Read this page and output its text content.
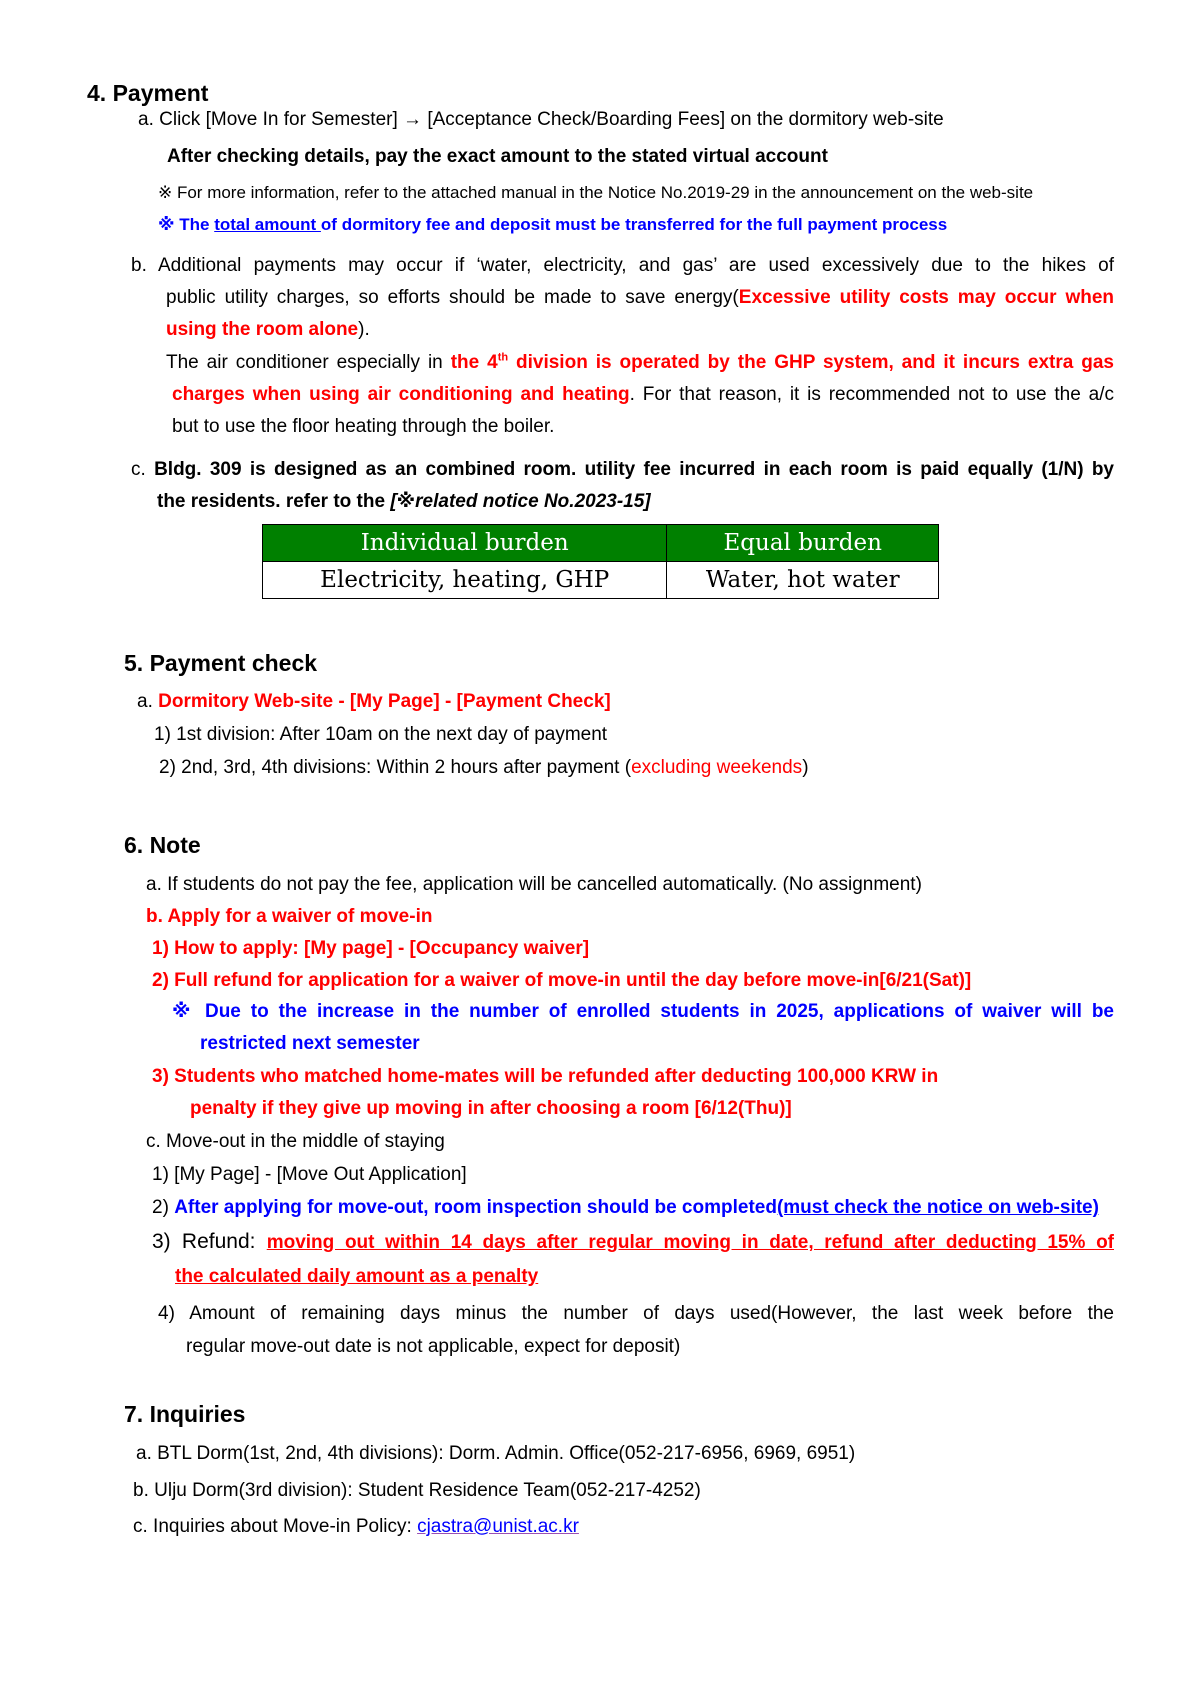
4. Payment
a. Click [Move In for Semester] → [Acceptance Check/Boarding Fees] on the dormitory web-site
After checking details, pay the exact amount to the stated virtual account
※ For more information, refer to the attached manual in the Notice No.2019-29 in the announcement on the web-site
※ The total amount of dormitory fee and deposit must be transferred for the full payment process
b. Additional payments may occur if ‘water, electricity, and gas’ are used excessively due to the hikes of
public utility charges, so efforts should be made to save energy(Excessive utility costs may occur when
using the room alone).
The air conditioner especially in the 4th division is operated by the GHP system, and it incurs extra gas
charges when using air conditioning and heating. For that reason, it is recommended not to use the a/c
but to use the floor heating through the boiler.
c. Bldg. 309 is designed as an combined room. utility fee incurred in each room is paid equally (1/N) by
the residents. refer to the [※related notice No.2023-15]
Individual burden	Equal burden
Electricity, heating, GHP	Water, hot water
5. Payment check
a. Dormitory Web-site - [My Page] - [Payment Check]
1) 1st division: After 10am on the next day of payment
2) 2nd, 3rd, 4th divisions: Within 2 hours after payment (excluding weekends)
6. Note
a. If students do not pay the fee, application will be cancelled automatically. (No assignment)
b. Apply for a waiver of move-in
1) How to apply: [My page] - [Occupancy waiver]
2) Full refund for application for a waiver of move-in until the day before move-in[6/21(Sat)]
※ Due to the increase in the number of enrolled students in 2025, applications of waiver will be
restricted next semester
3) Students who matched home-mates will be refunded after deducting 100,000 KRW in
penalty if they give up moving in after choosing a room [6/12(Thu)]
c. Move-out in the middle of staying
1) [My Page] - [Move Out Application]
2) After applying for move-out, room inspection should be completed(must check the notice on web-site)
3) Refund: moving out within 14 days after regular moving in date, refund after deducting 15% of
the calculated daily amount as a penalty
4) Amount of remaining days minus the number of days used(However, the last week before the
regular move-out date is not applicable, expect for deposit)
7. Inquiries
a. BTL Dorm(1st, 2nd, 4th divisions): Dorm. Admin. Office(052-217-6956, 6969, 6951)
b. Ulju Dorm(3rd division): Student Residence Team(052-217-4252)
c. Inquiries about Move-in Policy: cjastra@unist.ac.kr
